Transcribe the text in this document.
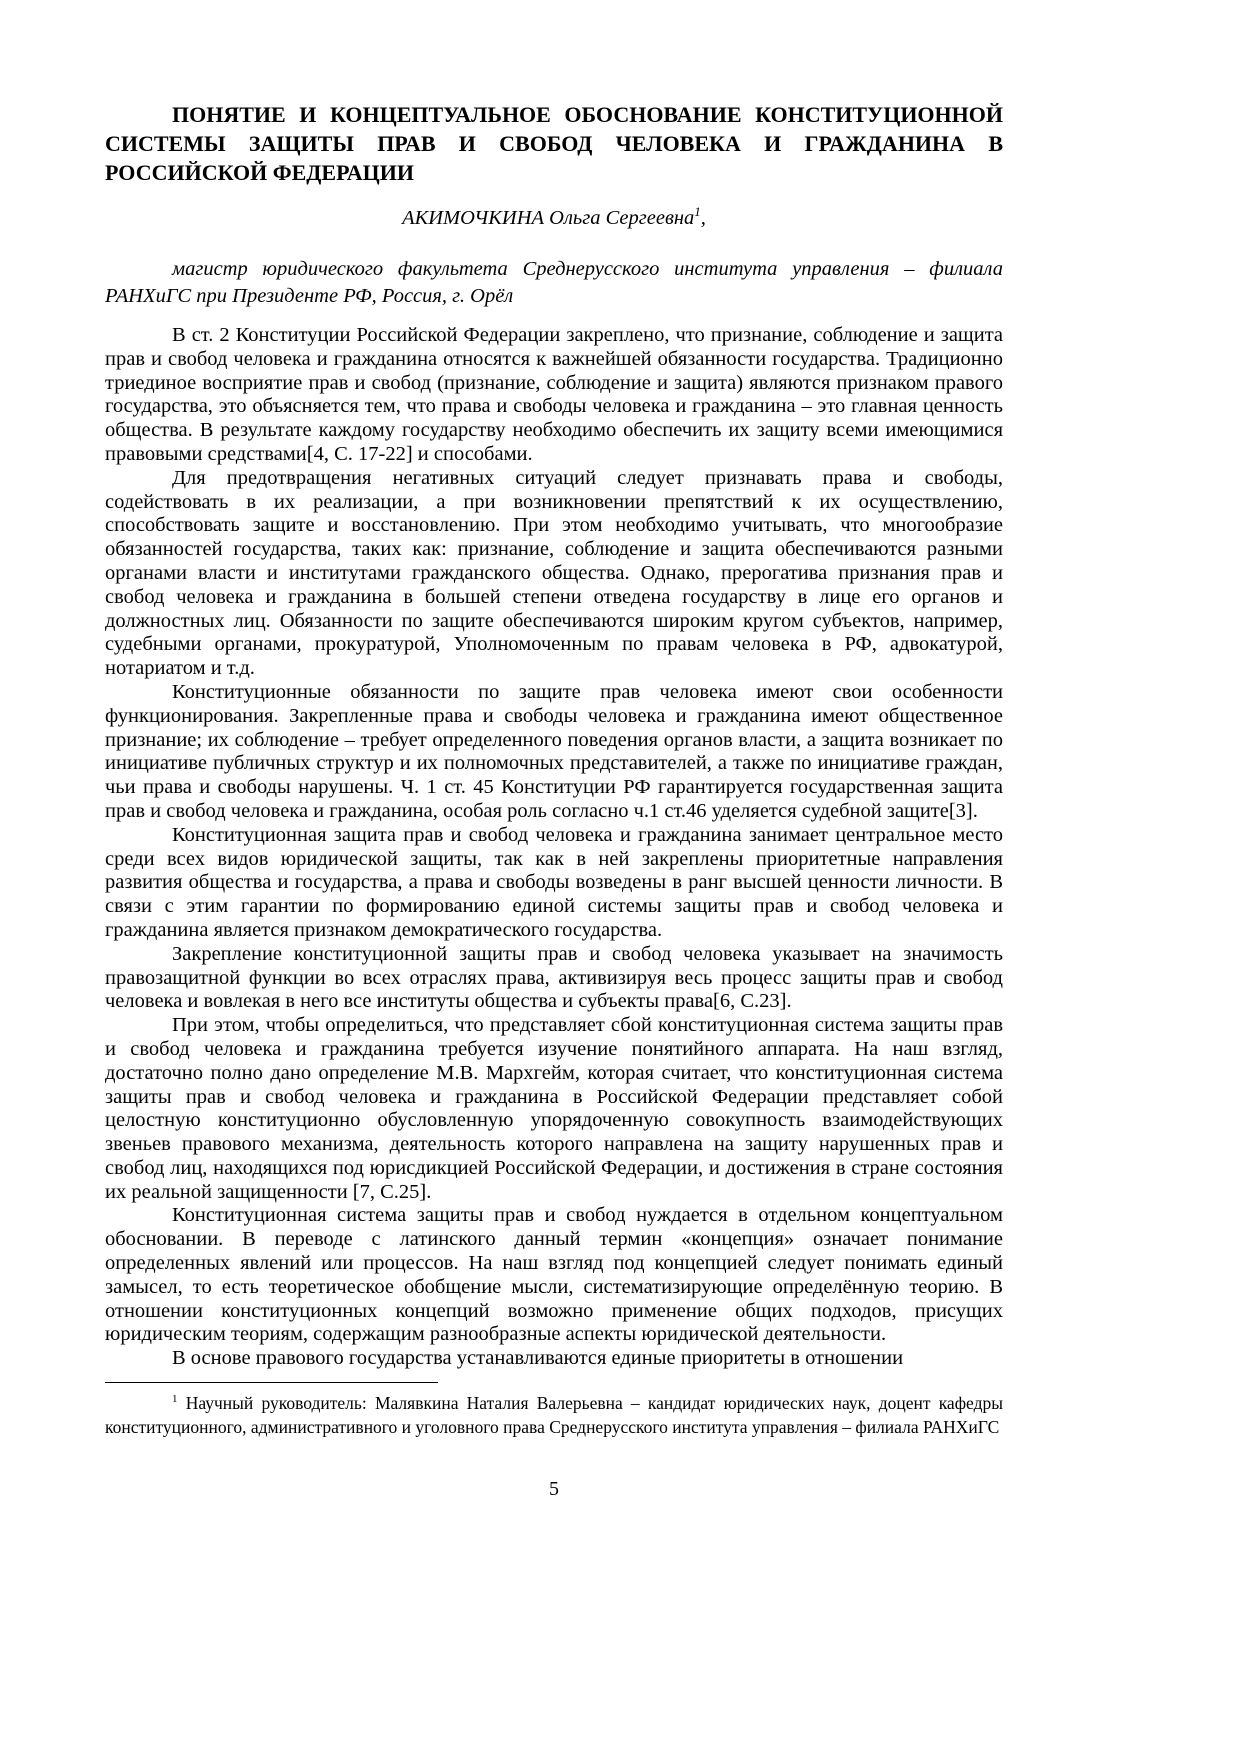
ПОНЯТИЕ И КОНЦЕПТУАЛЬНОЕ ОБОСНОВАНИЕ КОНСТИТУЦИОННОЙ СИСТЕМЫ ЗАЩИТЫ ПРАВ И СВОБОД ЧЕЛОВЕКА И ГРАЖДАНИНА В РОССИЙСКОЙ ФЕДЕРАЦИИ

АКИМОЧКИНА Ольга Сергеевна$^1$,

магистр юридического факультета Среднерусского института управления – филиала РАНХиГС при Президенте РФ, Россия, г. Орёл

В ст. 2 Конституции Российской Федерации закреплено, что признание, соблюдение и защита прав и свобод человека и гражданина относятся к важнейшей обязанности государства. Традиционно триединое восприятие прав и свобод (признание, соблюдение и защита) являются признаком правого государства, это объясняется тем, что права и свободы человека и гражданина – это главная ценность общества. В результате каждому государству необходимо обеспечить их защиту всеми имеющимися правовыми средствами[4, С. 17-22] и способами.

Для предотвращения негативных ситуаций следует признавать права и свободы, содействовать в их реализации, а при возникновении препятствий к их осуществлению, способствовать защите и восстановлению. При этом необходимо учитывать, что многообразие обязанностей государства, таких как: признание, соблюдение и защита обеспечиваются разными органами власти и институтами гражданского общества. Однако, прерогатива признания прав и свобод человека и гражданина в большей степени отведена государству в лице его органов и должностных лиц. Обязанности по защите обеспечиваются широким кругом субъектов, например, судебными органами, прокуратурой, Уполномоченным по правам человека в РФ, адвокатурой, нотариатом и т.д.

Конституционные обязанности по защите прав человека имеют свои особенности функционирования. Закрепленные права и свободы человека и гражданина имеют общественное признание; их соблюдение – требует определенного поведения органов власти, а защита возникает по инициативе публичных структур и их полномочных представителей, а также по инициативе граждан, чьи права и свободы нарушены. Ч. 1 ст. 45 Конституции РФ гарантируется государственная защита прав и свобод человека и гражданина, особая роль согласно ч.1 ст.46 уделяется судебной защите[3].

Конституционная защита прав и свобод человека и гражданина занимает центральное место среди всех видов юридической защиты, так как в ней закреплены приоритетные направления развития общества и государства, а права и свободы возведены в ранг высшей ценности личности. В связи с этим гарантии по формированию единой системы защиты прав и свобод человека и гражданина является признаком демократического государства.

Закрепление конституционной защиты прав и свобод человека указывает на значимость правозащитной функции во всех отраслях права, активизируя весь процесс защиты прав и свобод человека и вовлекая в него все институты общества и субъекты права[6, С.23].

При этом, чтобы определиться, что представляет сбой конституционная система защиты прав и свобод человека и гражданина требуется изучение понятийного аппарата. На наш взгляд, достаточно полно дано определение М.В. Мархгейм, которая считает, что конституционная система защиты прав и свобод человека и гражданина в Российской Федерации представляет собой целостную конституционно обусловленную упорядоченную совокупность взаимодействующих звеньев правового механизма, деятельность которого направлена на защиту нарушенных прав и свобод лиц, находящихся под юрисдикцией Российской Федерации, и достижения в стране состояния их реальной защищенности [7, С.25].

Конституционная система защиты прав и свобод нуждается в отдельном концептуальном обосновании. В переводе с латинского данный термин «концепция» означает понимание определенных явлений или процессов. На наш взгляд под концепцией следует понимать единый замысел, то есть теоретическое обобщение мысли, систематизирующие определённую теорию. В отношении конституционных концепций возможно применение общих подходов, присущих юридическим теориям, содержащим разнообразные аспекты юридической деятельности.

В основе правового государства устанавливаются единые приоритеты в отношении

$^1$ Научный руководитель: Малявкина Наталия Валерьевна – кандидат юридических наук, доцент кафедры конституционного, административного и уголовного права Среднерусского института управления – филиала РАНХиГС

5
